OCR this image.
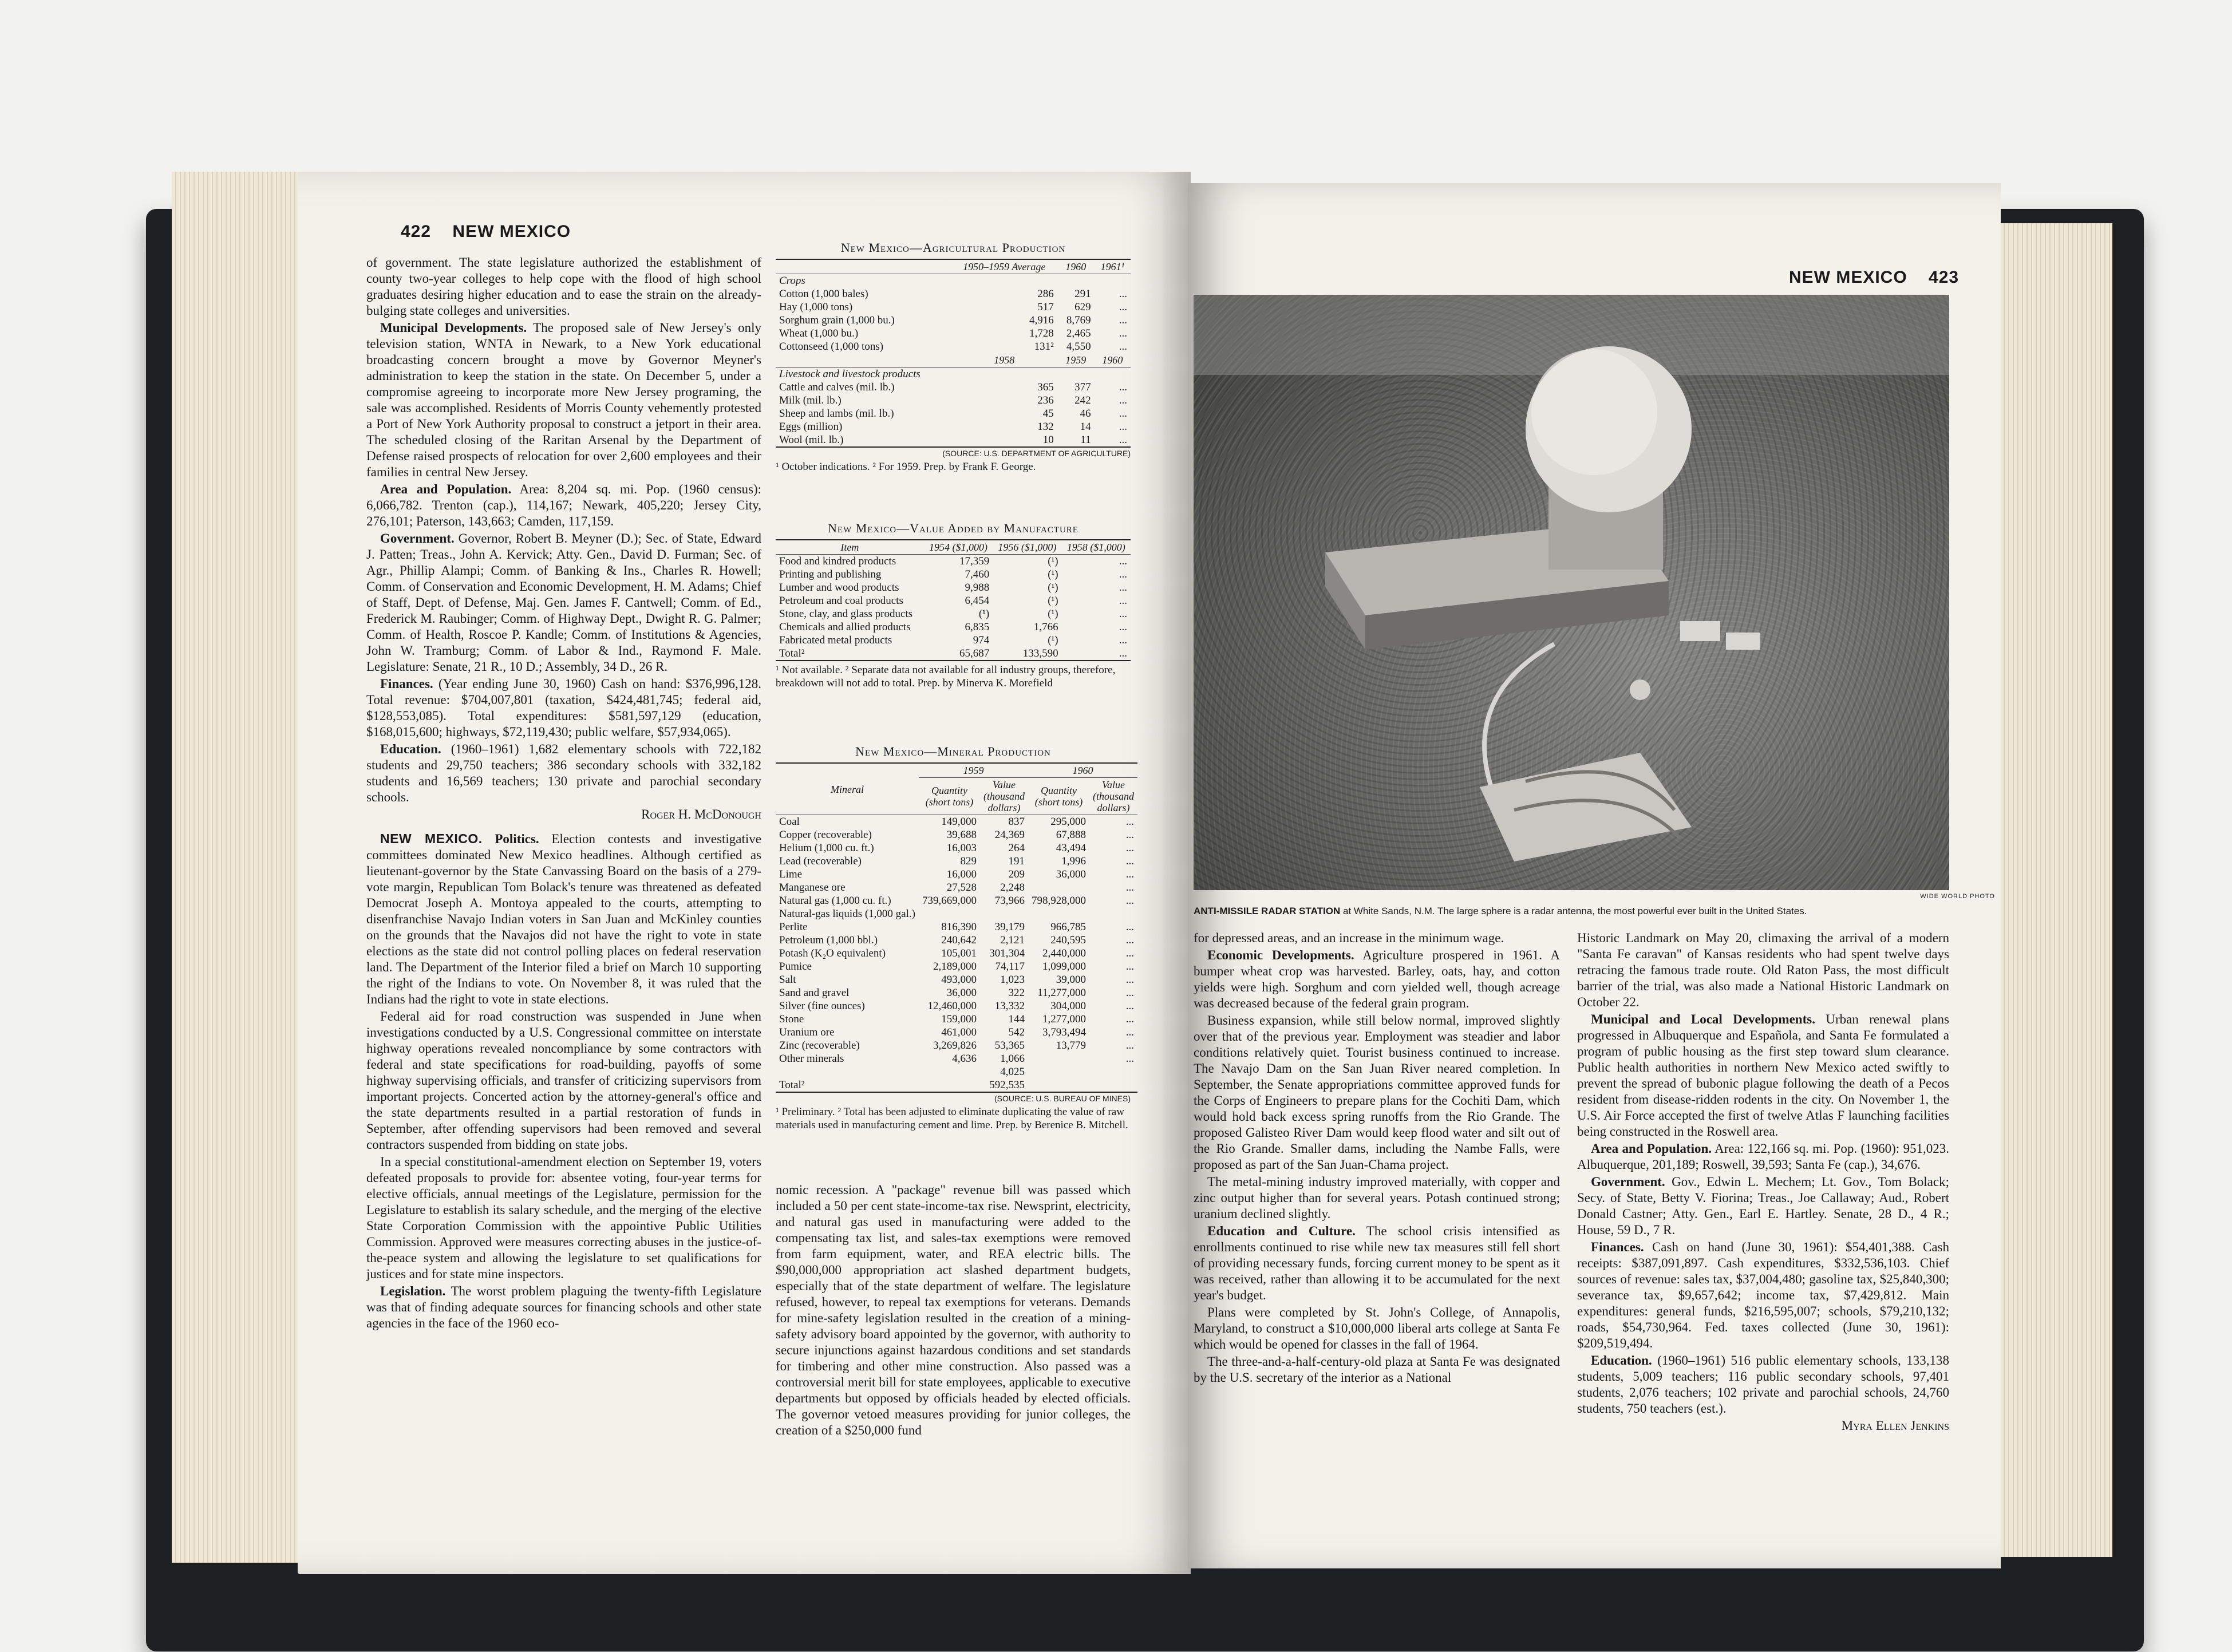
422 NEW MEXICO

of government. The state legislature authorized the establishment of county two-year colleges to help cope with the flood of high school graduates desiring higher education and to ease the strain on the already-bulging state colleges and universities.

Municipal Developments. The proposed sale of New Jersey's only television station, WNTA in Newark, to a New York educational broadcasting concern brought a move by Governor Meyner's administration to keep the station in the state. On December 5, under a compromise agreeing to incorporate more New Jersey programing, the sale was accomplished. Residents of Morris County vehemently protested a Port of New York Authority proposal to construct a jetport in their area. The scheduled closing of the Raritan Arsenal by the Department of Defense raised prospects of relocation for over 2,600 employees and their families in central New Jersey.

Area and Population. Area: 8,204 sq. mi. Pop. (1960 census): 6,066,782. Trenton (cap.), 114,167; Newark, 405,220; Jersey City, 276,101; Paterson, 143,663; Camden, 117,159.

Government. Governor, Robert B. Meyner (D.); Sec. of State, Edward J. Patten; Treas., John A. Kervick; Atty. Gen., David D. Furman; Sec. of Agr., Phillip Alampi; Comm. of Banking & Ins., Charles R. Howell; Comm. of Conservation and Economic Development, H. M. Adams; Chief of Staff, Dept. of Defense, Maj. Gen. James F. Cantwell; Comm. of Ed., Frederick M. Raubinger; Comm. of Highway Dept., Dwight R. G. Palmer; Comm. of Health, Roscoe P. Kandle; Comm. of Institutions & Agencies, John W. Tramburg; Comm. of Labor & Ind., Raymond F. Male. Legislature: Senate, 21 R., 10 D.; Assembly, 34 D., 26 R.

Finances. (Year ending June 30, 1960) Cash on hand: $376,996,128. Total revenue: $704,007,801 (taxation, $424,481,745; federal aid, $128,553,085). Total expenditures: $581,597,129 (education, $168,015,600; highways, $72,119,430; public welfare, $57,934,065).

Education. (1960–1961) 1,682 elementary schools with 722,182 students and 29,750 teachers; 386 secondary schools with 332,182 students and 16,569 teachers; 130 private and parochial secondary schools.

Roger H. McDonough

NEW MEXICO. Politics. Election contests and investigative committees dominated New Mexico headlines. Although certified as lieutenant-governor by the State Canvassing Board on the basis of a 279-vote margin, Republican Tom Bolack's tenure was threatened as defeated Democrat Joseph A. Montoya appealed to the courts, attempting to disenfranchise Navajo Indian voters in San Juan and McKinley counties on the grounds that the Navajos did not have the right to vote in state elections as the state did not control polling places on federal reservation land. The Department of the Interior filed a brief on March 10 supporting the right of the Indians to vote. On November 8, it was ruled that the Indians had the right to vote in state elections.

Federal aid for road construction was suspended in June when investigations conducted by a U.S. Congressional committee on interstate highway operations revealed noncompliance by some contractors with federal and state specifications for road-building, payoffs of some highway supervising officials, and transfer of criticizing supervisors from important projects. Concerted action by the attorney-general's office and the state departments resulted in a partial restoration of funds in September, after offending supervisors had been removed and several contractors suspended from bidding on state jobs.

In a special constitutional-amendment election on September 19, voters defeated proposals to provide for: absentee voting, four-year terms for elective officials, annual meetings of the Legislature, permission for the Legislature to establish its salary schedule, and the merging of the elective State Corporation Commission with the appointive Public Utilities Commission. Approved were measures correcting abuses in the justice-of-the-peace system and allowing the legislature to set qualifications for justices and for state mine inspectors.

Legislation. The worst problem plaguing the twenty-fifth Legislature was that of finding adequate sources for financing schools and other state agencies in the face of the 1960 eco-

New Mexico—Agricultural Production
	1950–1959 Average	1960	1961¹
Crops			
Cotton (1,000 bales)	286	291	...
Hay (1,000 tons)	517	629	...
Sorghum grain (1,000 bu.)	4,916	8,769	...
Wheat (1,000 bu.)	1,728	2,465	...
Cottonseed (1,000 tons)	131²	4,550	...
	1958	1959	1960
Livestock and livestock products			
Cattle and calves (mil. lb.)	365	377	...
Milk (mil. lb.)	236	242	...
Sheep and lambs (mil. lb.)	45	46	...
Eggs (million)	132	14	...
Wool (mil. lb.)	10	11	...
(SOURCE: U.S. DEPARTMENT OF AGRICULTURE)
¹ October indications. ² For 1959. Prep. by Frank F. George.
New Mexico—Value Added by Manufacture
Item	1954 ($1,000)	1956 ($1,000)	1958 ($1,000)
Food and kindred products	17,359	(¹)	...
Printing and publishing	7,460	(¹)	...
Lumber and wood products	9,988	(¹)	...
Petroleum and coal products	6,454	(¹)	...
Stone, clay, and glass products	(¹)	(¹)	...
Chemicals and allied products	6,835	1,766	...
Fabricated metal products	974	(¹)	...
Total²	65,687	133,590	...
¹ Not available. ² Separate data not available for all industry groups, therefore, breakdown will not add to total. Prep. by Minerva K. Morefield
New Mexico—Mineral Production
Mineral	1959		1960	
	Quantity (short tons)	Value (thousand dollars)	Quantity (short tons)	Value (thousand dollars)
Coal	149,000	837	295,000	...
Copper (recoverable)	39,688	24,369	67,888	...
Helium (1,000 cu. ft.)	16,003	264	43,494	...
Lead (recoverable)	829	191	1,996	...
Lime	16,000	209	36,000	...
Manganese ore	27,528	2,248		...
Natural gas (1,000 cu. ft.)	739,669,000	73,966	798,928,000	...
Natural-gas liquids (1,000 gal.)				
Perlite	816,390	39,179	966,785	...
Petroleum (1,000 bbl.)	240,642	2,121	240,595	...
Potash (K₂O equivalent)	105,001	301,304	2,440,000	...
Pumice	2,189,000	74,117	1,099,000	...
Salt	493,000	1,023	39,000	...
Sand and gravel	36,000	322	11,277,000	...
Silver (fine ounces)	12,460,000	13,332	304,000	...
Stone	159,000	144	1,277,000	...
Uranium ore	461,000	542	3,793,494	...
Zinc (recoverable)	3,269,826	53,365	13,779	...
Other minerals	4,636	1,066		...
		4,025		
Total²		592,535		
(SOURCE: U.S. BUREAU OF MINES)
¹ Preliminary. ² Total has been adjusted to eliminate duplicating the value of raw materials used in manufacturing cement and lime. Prep. by Berenice B. Mitchell.

nomic recession. A "package" revenue bill was passed which included a 50 per cent state-income-tax rise. Newsprint, electricity, and natural gas used in manufacturing were added to the compensating tax list, and sales-tax exemptions were removed from farm equipment, water, and REA electric bills. The $90,000,000 appropriation act slashed department budgets, especially that of the state department of welfare. The legislature refused, however, to repeal tax exemptions for veterans. Demands for mine-safety legislation resulted in the creation of a mining-safety advisory board appointed by the governor, with authority to secure injunctions against hazardous conditions and set standards for timbering and other mine construction. Also passed was a controversial merit bill for state employees, applicable to executive departments but opposed by officials headed by elected officials. The governor vetoed measures providing for junior colleges, the creation of a $250,000 fund

NEW MEXICO 423
WIDE WORLD PHOTO
ANTI-MISSILE RADAR STATION at White Sands, N.M. The large sphere is a radar antenna, the most powerful ever built in the United States.

for depressed areas, and an increase in the minimum wage.

Economic Developments. Agriculture prospered in 1961. A bumper wheat crop was harvested. Barley, oats, hay, and cotton yields were high. Sorghum and corn yielded well, though acreage was decreased because of the federal grain program.

Business expansion, while still below normal, improved slightly over that of the previous year. Employment was steadier and labor conditions relatively quiet. Tourist business continued to increase. The Navajo Dam on the San Juan River neared completion. In September, the Senate appropriations committee approved funds for the Corps of Engineers to prepare plans for the Cochiti Dam, which would hold back excess spring runoffs from the Rio Grande. The proposed Galisteo River Dam would keep flood water and silt out of the Rio Grande. Smaller dams, including the Nambe Falls, were proposed as part of the San Juan-Chama project.

The metal-mining industry improved materially, with copper and zinc output higher than for several years. Potash continued strong; uranium declined slightly.

Education and Culture. The school crisis intensified as enrollments continued to rise while new tax measures still fell short of providing necessary funds, forcing current money to be spent as it was received, rather than allowing it to be accumulated for the next year's budget.

Plans were completed by St. John's College, of Annapolis, Maryland, to construct a $10,000,000 liberal arts college at Santa Fe which would be opened for classes in the fall of 1964.

The three-and-a-half-century-old plaza at Santa Fe was designated by the U.S. secretary of the interior as a National

Historic Landmark on May 20, climaxing the arrival of a modern "Santa Fe caravan" of Kansas residents who had spent twelve days retracing the famous trade route. Old Raton Pass, the most difficult barrier of the trial, was also made a National Historic Landmark on October 22.

Municipal and Local Developments. Urban renewal plans progressed in Albuquerque and Española, and Santa Fe formulated a program of public housing as the first step toward slum clearance. Public health authorities in northern New Mexico acted swiftly to prevent the spread of bubonic plague following the death of a Pecos resident from disease-ridden rodents in the city. On November 1, the U.S. Air Force accepted the first of twelve Atlas F launching facilities being constructed in the Roswell area.

Area and Population. Area: 122,166 sq. mi. Pop. (1960): 951,023. Albuquerque, 201,189; Roswell, 39,593; Santa Fe (cap.), 34,676.

Government. Gov., Edwin L. Mechem; Lt. Gov., Tom Bolack; Secy. of State, Betty V. Fiorina; Treas., Joe Callaway; Aud., Robert Donald Castner; Atty. Gen., Earl E. Hartley. Senate, 28 D., 4 R.; House, 59 D., 7 R.

Finances. Cash on hand (June 30, 1961): $54,401,388. Cash receipts: $387,091,897. Cash expenditures, $332,536,103. Chief sources of revenue: sales tax, $37,004,480; gasoline tax, $25,840,300; severance tax, $9,657,642; income tax, $7,429,812. Main expenditures: general funds, $216,595,007; schools, $79,210,132; roads, $54,730,964. Fed. taxes collected (June 30, 1961): $209,519,494.

Education. (1960–1961) 516 public elementary schools, 133,138 students, 5,009 teachers; 116 public secondary schools, 97,401 students, 2,076 teachers; 102 private and parochial schools, 24,760 students, 750 teachers (est.).

Myra Ellen Jenkins
